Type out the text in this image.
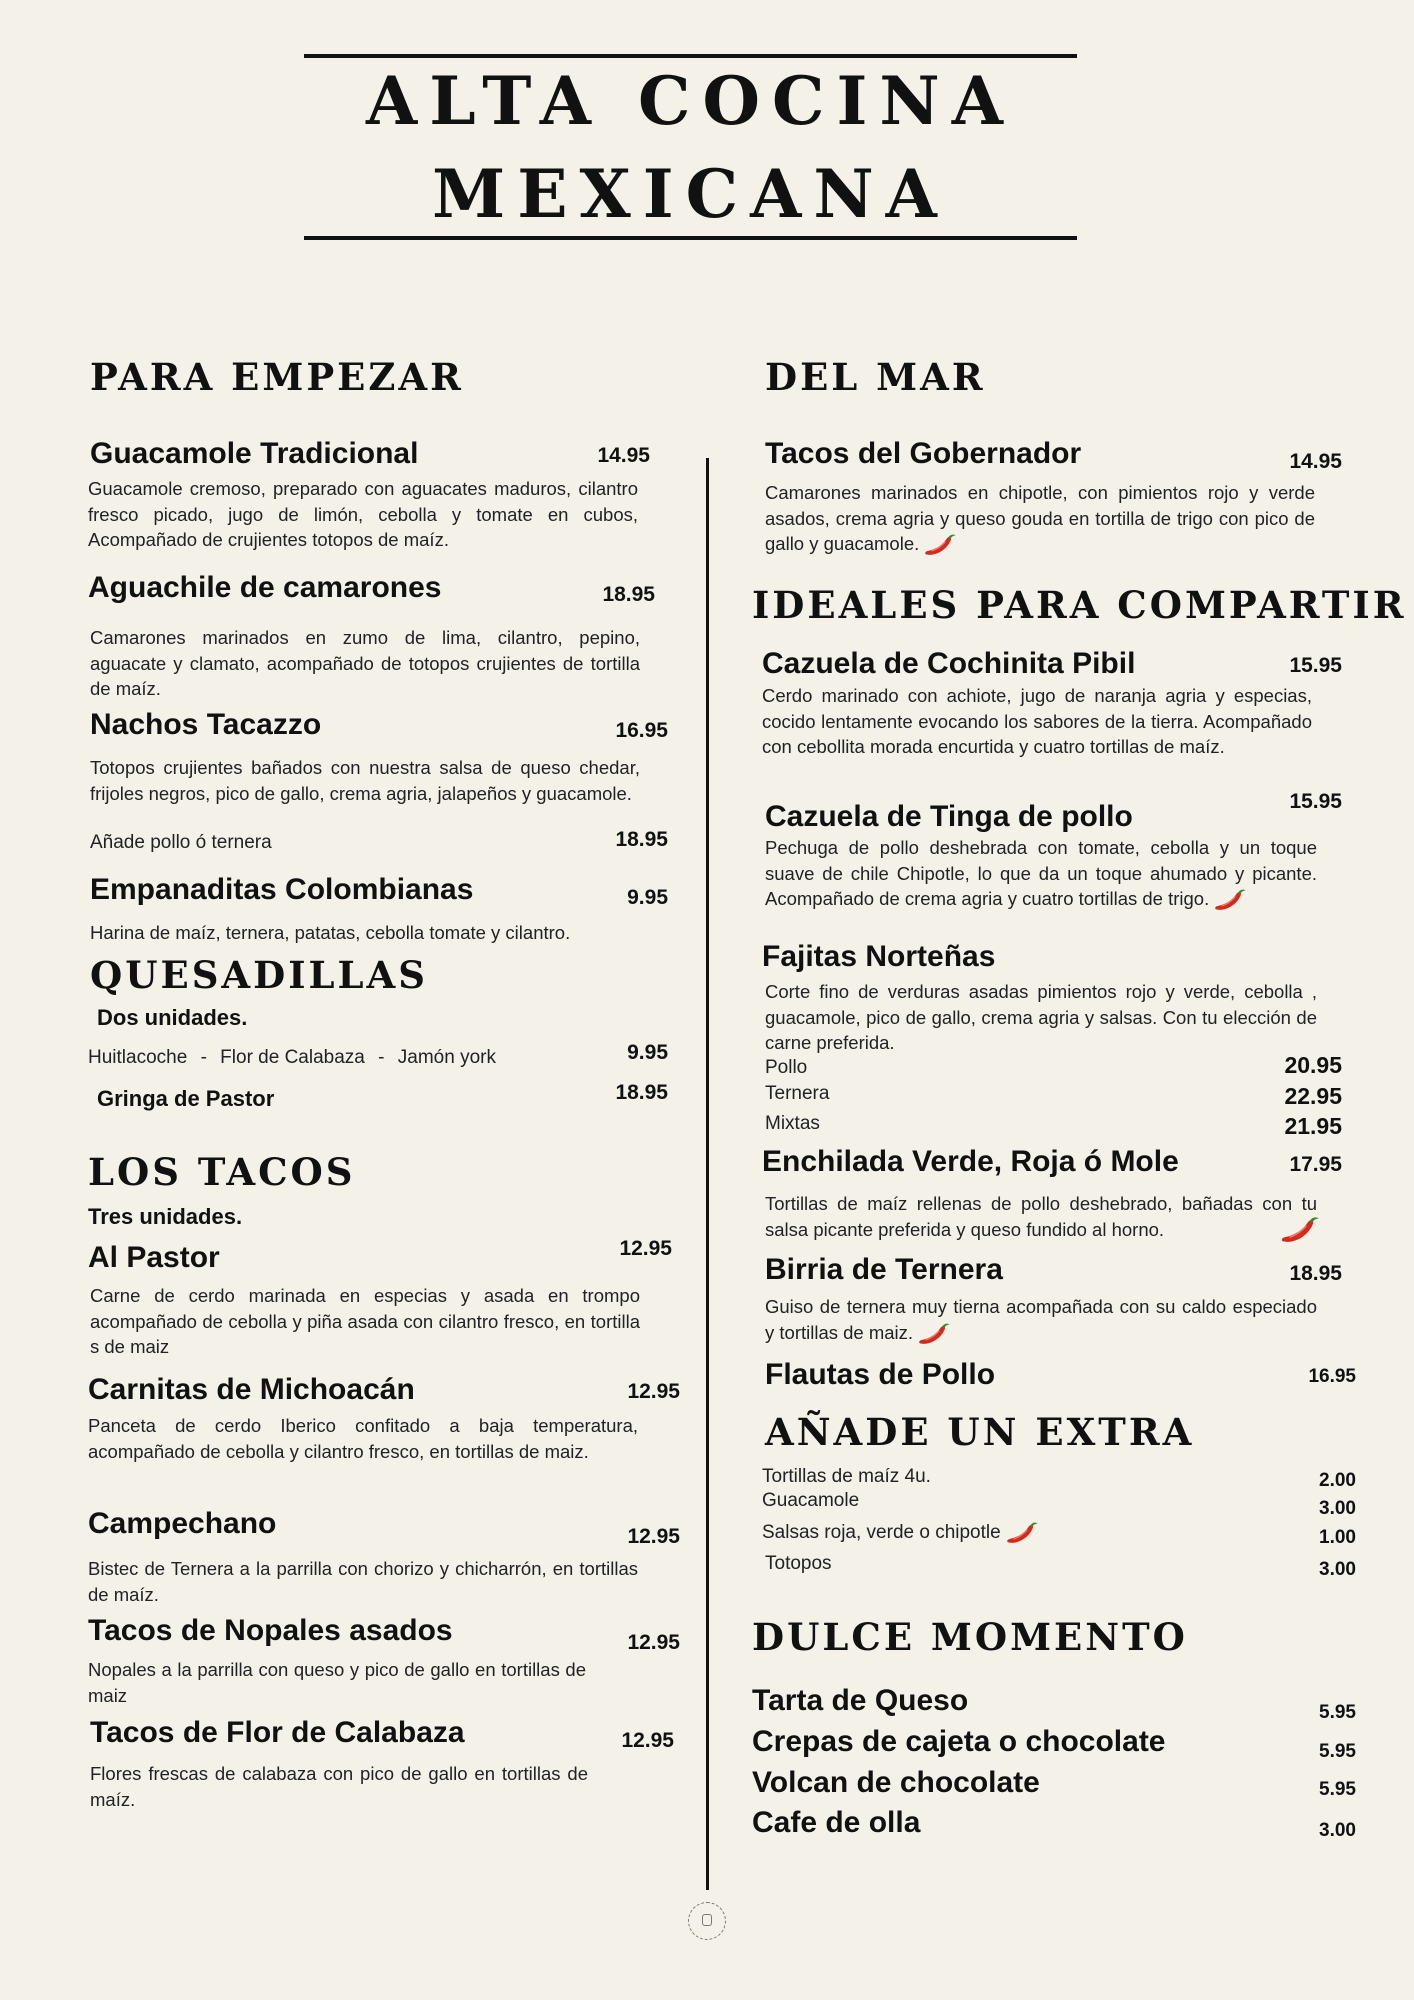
ALTA COCINA
MEXICANA
PARA EMPEZAR
Guacamole Tradicional	14.95
Guacamole cremoso, preparado con aguacates maduros, cilantro fresco picado, jugo de limón, cebolla y tomate en cubos, Acompañado de crujientes totopos de maíz.
Aguachile de camarones	18.95
Camarones marinados en zumo de lima, cilantro, pepino, aguacate y clamato, acompañado de totopos crujientes de tortilla de maíz.
Nachos Tacazzo	16.95
Totopos crujientes bañados con nuestra salsa de queso chedar, frijoles negros, pico de gallo, crema agria, jalapeños y guacamole.
Añade pollo ó ternera	18.95
Empanaditas Colombianas	9.95
Harina de maíz, ternera, patatas, cebolla tomate y cilantro.
QUESADILLAS
Dos unidades.
Huitlacoche - Flor de Calabaza - Jamón york	9.95
Gringa de Pastor	18.95
LOS TACOS
Tres unidades.
Al Pastor	12.95
Carne de cerdo marinada en especias y asada en trompo acompañado de cebolla y piña asada con cilantro fresco, en tortilla s de maiz
Carnitas de Michoacán	12.95
Panceta de cerdo Iberico confitado a baja temperatura, acompañado de cebolla y cilantro fresco, en tortillas de maiz.
Campechano	12.95
Bistec de Ternera a la parrilla con chorizo y chicharrón, en tortillas de maíz.
Tacos de Nopales asados	12.95
Nopales a la parrilla con queso y pico de gallo en tortillas de maiz
Tacos de Flor de Calabaza	12.95
Flores frescas de calabaza con pico de gallo en tortillas de maíz.
DEL MAR
Tacos del Gobernador	14.95
Camarones marinados en chipotle, con pimientos rojo y verde asados, crema agria y queso gouda en tortilla de trigo con pico de gallo y guacamole.
IDEALES PARA COMPARTIR
Cazuela de Cochinita Pibil	15.95
Cerdo marinado con achiote, jugo de naranja agria y especias, cocido lentamente evocando los sabores de la tierra. Acompañado con cebollita morada encurtida y cuatro tortillas de maíz.
Cazuela de Tinga de pollo	15.95
Pechuga de pollo deshebrada con tomate, cebolla y un toque suave de chile Chipotle, lo que da un toque ahumado y picante. Acompañado de crema agria y cuatro tortillas de trigo.
Fajitas Norteñas
Corte fino de verduras asadas pimientos rojo y verde, cebolla , guacamole, pico de gallo, crema agria y salsas. Con tu elección de carne preferida.
Pollo	20.95
Ternera	22.95
Mixtas	21.95
Enchilada Verde, Roja ó Mole	17.95
Tortillas de maíz rellenas de pollo deshebrado, bañadas con tu salsa picante preferida y queso fundido al horno.
Birria de Ternera	18.95
Guiso de ternera muy tierna acompañada con su caldo especiado y tortillas de maiz.
Flautas de Pollo	16.95
AÑADE UN EXTRA
Tortillas de maíz 4u.	2.00
Guacamole	3.00
Salsas roja, verde o chipotle	1.00
Totopos	3.00
DULCE MOMENTO
Tarta de Queso	5.95
Crepas de cajeta o chocolate	5.95
Volcan de chocolate	5.95
Cafe de olla	3.00
